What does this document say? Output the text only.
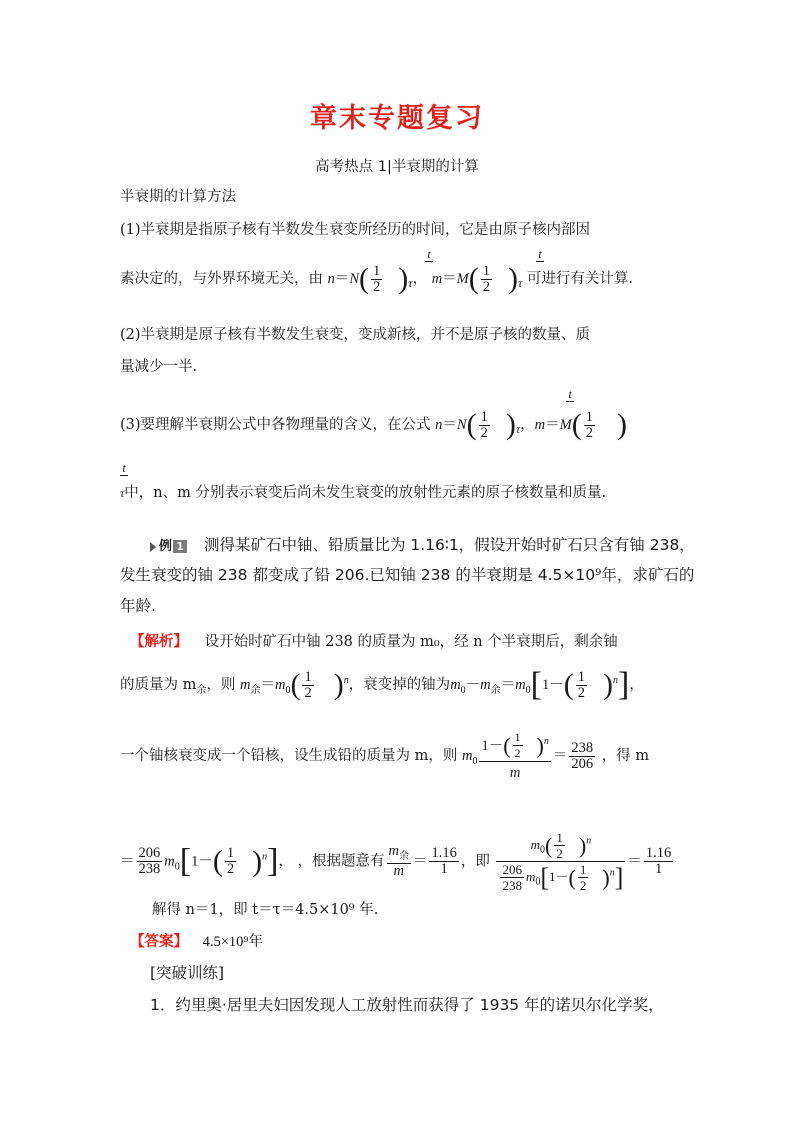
章末专题复习
高考热点 1|半衰期的计算
半衰期的计算方法
(1)半衰期是指原子核有半数发生衰变所经历的时间，它是由原子核内部因
素决定的，与外界环境无关，由 $n=N( \frac{1}{2} )_\tau$， $m=M( \frac{1}{2} )_\tau$ 可进行有关计算.
t	t
(2)半衰期是原子核有半数发生衰变，变成新核，并不是原子核的数量、质
量减少一半.
(3)要理解半衰期公式中各物理量的含义，在公式 $n=N( \frac{1}{2} )_\tau$，$m=M( \frac{1}{2}$ )
t
t
τ中，n、m 分别表示衰变后尚未发生衰变的放射性元素的原子核数量和质量.
例 1 测得某矿石中铀、铅质量比为 1.16∶1，假设开始时矿石只含有铀 238，
发生衰变的铀 238 都变成了铅 206.已知铀 238 的半衰期是 4.5×10⁹年，求矿石的
年龄.
【解析】 设开始时矿石中铀 238 的质量为 m₀，经 n 个半衰期后，剩余铀
的质量为 $m_余$，则 $m_余=m_0( \frac{1}{2} )^n$，衰变掉的铀为$m_0-m_余=m_0[1-( \frac{1}{2} )^n]$，
一个铀核衰变成一个铅核，设生成铅的质量为 m，则 $m_0 \frac{1-( \frac{1}{2} )^n}{m} = \frac{238}{206}$ ，得 m
＝ $\frac{206}{238} m_0[1-( \frac{1}{2} )^n]$， ，根据题意有 $\frac{m_余}{m} = \frac{1.16}{1}$ ，即 $\frac{m_0( \frac{1}{2} )^n}{\frac{206}{238} m_0[1-( \frac{1}{2} )^n]} = \frac{1.16}{1}$
解得 n＝1，即 t＝τ＝4.5×10⁹ 年.
【答案】 4.5×10⁹年
[突破训练]
1．约里奥·居里夫妇因发现人工放射性而获得了 1935 年的诺贝尔化学奖，
